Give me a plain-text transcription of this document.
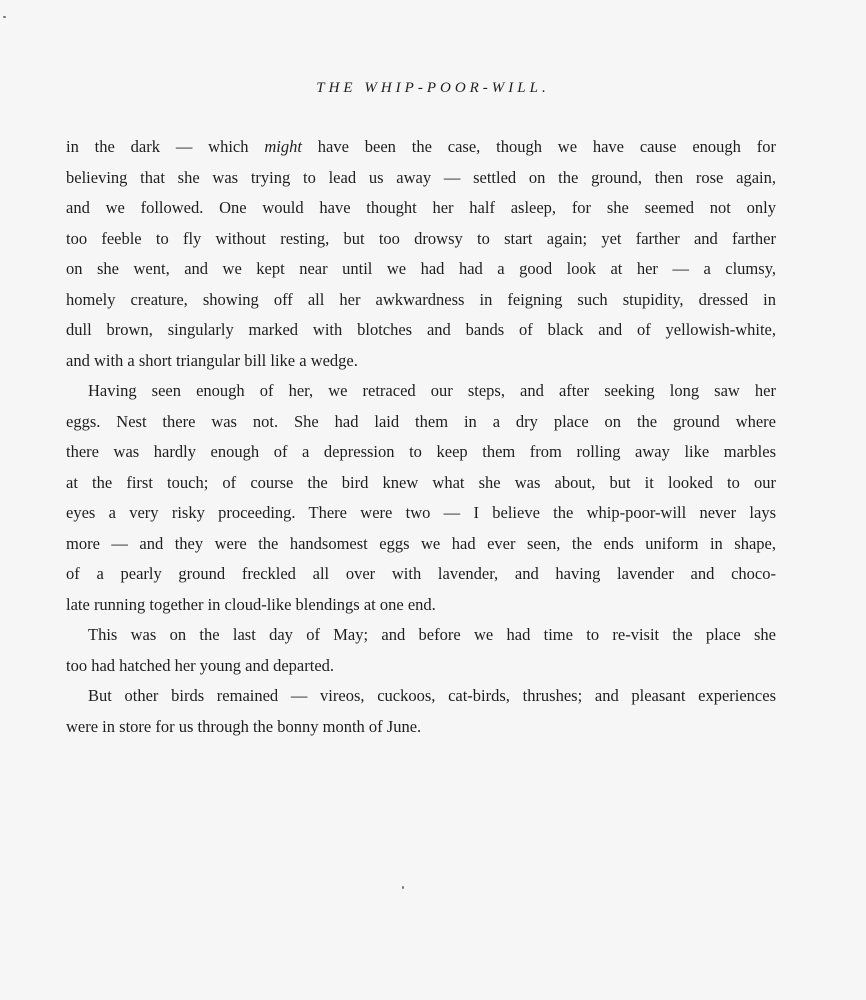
THE WHIP-POOR-WILL.
in the dark — which might have been the case, though we have cause enough for
believing that she was trying to lead us away — settled on the ground, then rose again,
and we followed. One would have thought her half asleep, for she seemed not only
too feeble to fly without resting, but too drowsy to start again; yet farther and farther
on she went, and we kept near until we had had a good look at her — a clumsy,
homely creature, showing off all her awkwardness in feigning such stupidity, dressed in
dull brown, singularly marked with blotches and bands of black and of yellowish-white,
and with a short triangular bill like a wedge.
Having seen enough of her, we retraced our steps, and after seeking long saw her
eggs. Nest there was not. She had laid them in a dry place on the ground where
there was hardly enough of a depression to keep them from rolling away like marbles
at the first touch; of course the bird knew what she was about, but it looked to our
eyes a very risky proceeding. There were two — I believe the whip-poor-will never lays
more — and they were the handsomest eggs we had ever seen, the ends uniform in shape,
of a pearly ground freckled all over with lavender, and having lavender and choco-
late running together in cloud-like blendings at one end.
This was on the last day of May; and before we had time to re-visit the place she
too had hatched her young and departed.
But other birds remained — vireos, cuckoos, cat-birds, thrushes; and pleasant experiences
were in store for us through the bonny month of June.
